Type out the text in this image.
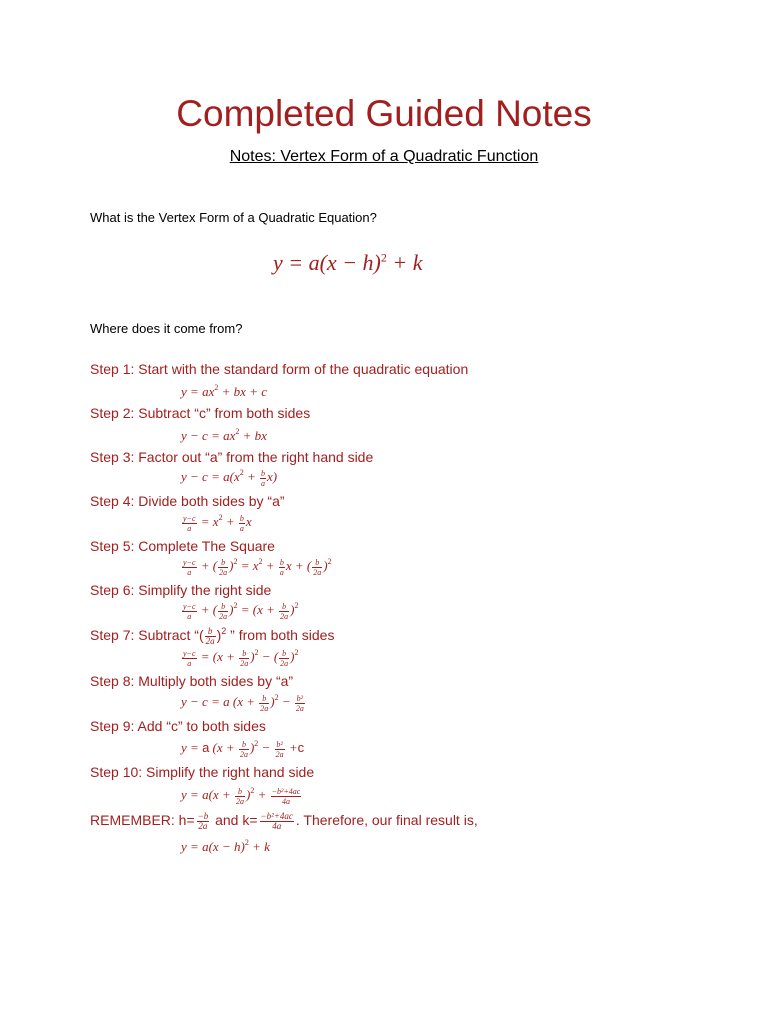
Completed Guided Notes
Notes: Vertex Form of a Quadratic Function
What is the Vertex Form of a Quadratic Equation?
$y = a(x - h)^2 + k$
Where does it come from?
Step 1: Start with the standard form of the quadratic equation
$y = ax^2$ + bx + c
Step 2: Subtract “c” from both sides
$y - c = ax^2$ + bx
Step 3: Factor out “a” from the right hand side
$y - c = a(x^2 + \frac{b}{a} x)$
Step 4: Divide both sides by “a”
$\frac{y-c}{a} = x^2 + \frac{b}{a}$ x
Step 5: Complete The Square
$\frac{y-c}{a}$ + ( $\frac{b}{2a} )^2 = x^2 + \frac{b}{a}$ x + ( $\frac{b}{2a} )^2$
Step 6: Simplify the right side
$\frac{y-c}{a}$ + ( $\frac{b}{2a} )^2 = (x + \frac{b}{2a} )^2$
Step 7: Subtract “( $\frac{b}{2a} )^2$ ” from both sides
$\frac{y-c}{a} = (x + \frac{b}{2a} )^2$ − ( $\frac{b}{2a} )^2$
Step 8: Multiply both sides by “a”
y − c = a $(x + \frac{b}{2a} )^2 - \frac{\text{b²}}{2a}$
Step 9: Add “c” to both sides
y = a $(x + \frac{b}{2a} )^2 - \frac{\text{b²}}{2a} +c$
Step 10: Simplify the right hand side
$y = a(x + \frac{b}{2a} )^2 + \frac{\text{−b²+4ac}}{4a}$
REMEMBER: $h= \frac{-b}{2a}$ and $k= \frac{\text{−b²+4ac}}{4a}$ . Therefore, our final result is,
$y = a(x - h)^2 + k$
